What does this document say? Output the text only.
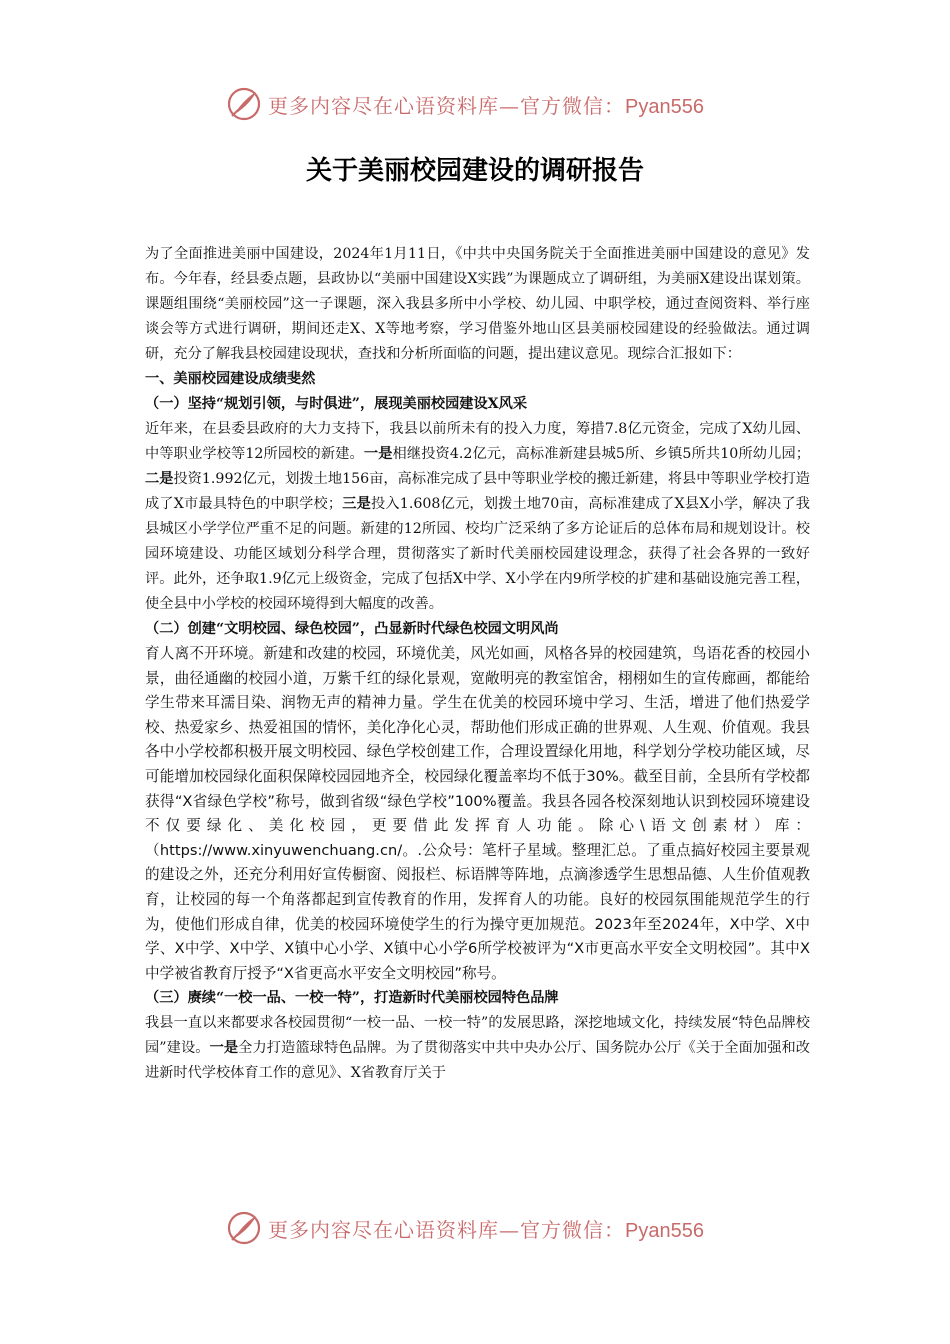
更多内容尽在心语资料库—官方微信：Pyan556
关于美丽校园建设的调研报告

为了全面推进美丽中国建设，2024年1月11日，《中共中央国务院关于全面推进美丽中国建设的意见》发布。今年春，经县委点题，县政协以“美丽中国建设X实践”为课题成立了调研组，为美丽X建设出谋划策。课题组围绕“美丽校园”这一子课题，深入我县多所中小学校、幼儿园、中职学校，通过查阅资料、举行座谈会等方式进行调研，期间还走X、X等地考察，学习借鉴外地山区县美丽校园建设的经验做法。通过调研，充分了解我县校园建设现状，查找和分析所面临的问题，提出建议意见。现综合汇报如下：

一、美丽校园建设成绩斐然

（一）坚持“规划引领，与时俱进”，展现美丽校园建设X风采

近年来，在县委县政府的大力支持下，我县以前所未有的投入力度，筹措7.8亿元资金，完成了X幼儿园、中等职业学校等12所园校的新建。一是相继投资4.2亿元，高标准新建县城5所、乡镇5所共10所幼儿园；二是投资1.992亿元，划拨土地156亩，高标准完成了县中等职业学校的搬迁新建，将县中等职业学校打造成了X市最具特色的中职学校；三是投入1.608亿元，划拨土地70亩，高标准建成了X县X小学，解决了我县城区小学学位严重不足的问题。新建的12所园、校均广泛采纳了多方论证后的总体布局和规划设计。校园环境建设、功能区域划分科学合理，贯彻落实了新时代美丽校园建设理念，获得了社会各界的一致好评。此外，还争取1.9亿元上级资金，完成了包括X中学、X小学在内9所学校的扩建和基础设施完善工程，使全县中小学校的校园环境得到大幅度的改善。

（二）创建“文明校园、绿色校园”，凸显新时代绿色校园文明风尚

育人离不开环境。新建和改建的校园，环境优美，风光如画，风格各异的校园建筑，鸟语花香的校园小景，曲径通幽的校园小道，万紫千红的绿化景观，宽敞明亮的教室馆舍，栩栩如生的宣传廊画，都能给学生带来耳濡目染、润物无声的精神力量。学生在优美的校园环境中学习、生活，增进了他们热爱学校、热爱家乡、热爱祖国的情怀，美化净化心灵，帮助他们形成正确的世界观、人生观、价值观。我县各中小学校都积极开展文明校园、绿色学校创建工作，合理设置绿化用地，科学划分学校功能区域，尽可能增加校园绿化面积保障校园园地齐全，校园绿化覆盖率均不低于30%。截至目前，全县所有学校都获得“X省绿色学校”称号，做到省级“绿色学校”100%覆盖。我县各园各校深刻地认识到校园环境建设不仅要绿化、美化校园，更要借此发挥育人功能。除心\语文创素材）库：（https://www.xinyuwenchuang.cn/。.公众号：笔杆子星域。整理汇总。了重点搞好校园主要景观的建设之外，还充分利用好宣传橱窗、阅报栏、标语牌等阵地，点滴渗透学生思想品德、人生价值观教育，让校园的每一个角落都起到宣传教育的作用，发挥育人的功能。良好的校园氛围能规范学生的行为，使他们形成自律，优美的校园环境使学生的行为操守更加规范。2023年至2024年，X中学、X中学、X中学、X中学、X镇中心小学、X镇中心小学6所学校被评为“X市更高水平安全文明校园”。其中X中学被省教育厅授予“X省更高水平安全文明校园”称号。

（三）赓续“一校一品、一校一特”，打造新时代美丽校园特色品牌

我县一直以来都要求各校园贯彻“一校一品、一校一特”的发展思路，深挖地域文化，持续发展“特色品牌校园”建设。一是全力打造篮球特色品牌。为了贯彻落实中共中央办公厅、国务院办公厅《关于全面加强和改进新时代学校体育工作的意见》、X省教育厅关于

更多内容尽在心语资料库—官方微信：Pyan556
